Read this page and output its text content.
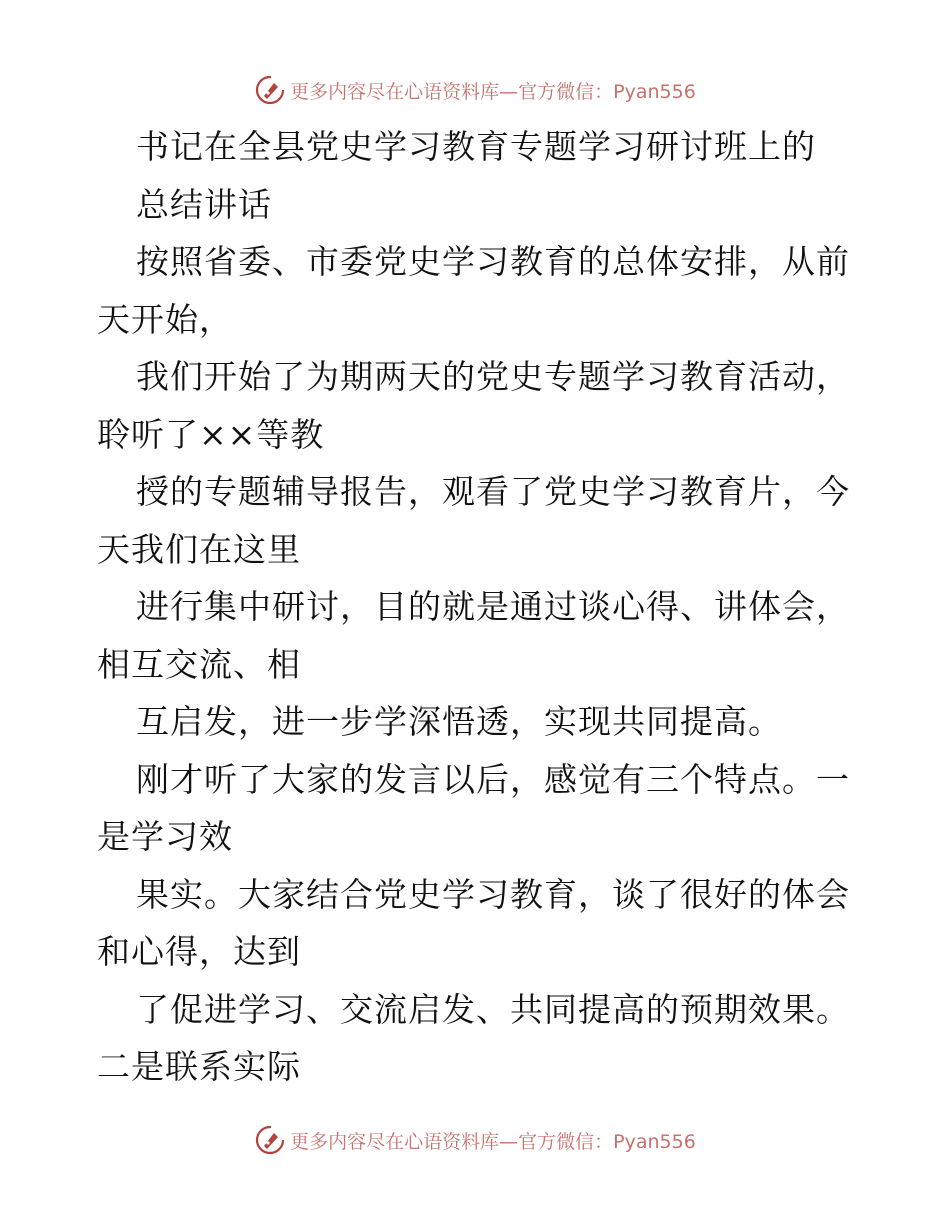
更多内容尽在心语资料库—官方微信：Pyan556
书记在全县党史学习教育专题学习研讨班上的
总结讲话
按照省委、市委党史学习教育的总体安排，从前
天开始，
我们开始了为期两天的党史专题学习教育活动，
聆听了××等教
授的专题辅导报告，观看了党史学习教育片，今
天我们在这里
进行集中研讨，目的就是通过谈心得、讲体会，
相互交流、相
互启发，进一步学深悟透，实现共同提高。
刚才听了大家的发言以后，感觉有三个特点。一
是学习效
果实。大家结合党史学习教育，谈了很好的体会
和心得，达到
了促进学习、交流启发、共同提高的预期效果。
二是联系实际
更多内容尽在心语资料库—官方微信：Pyan556
